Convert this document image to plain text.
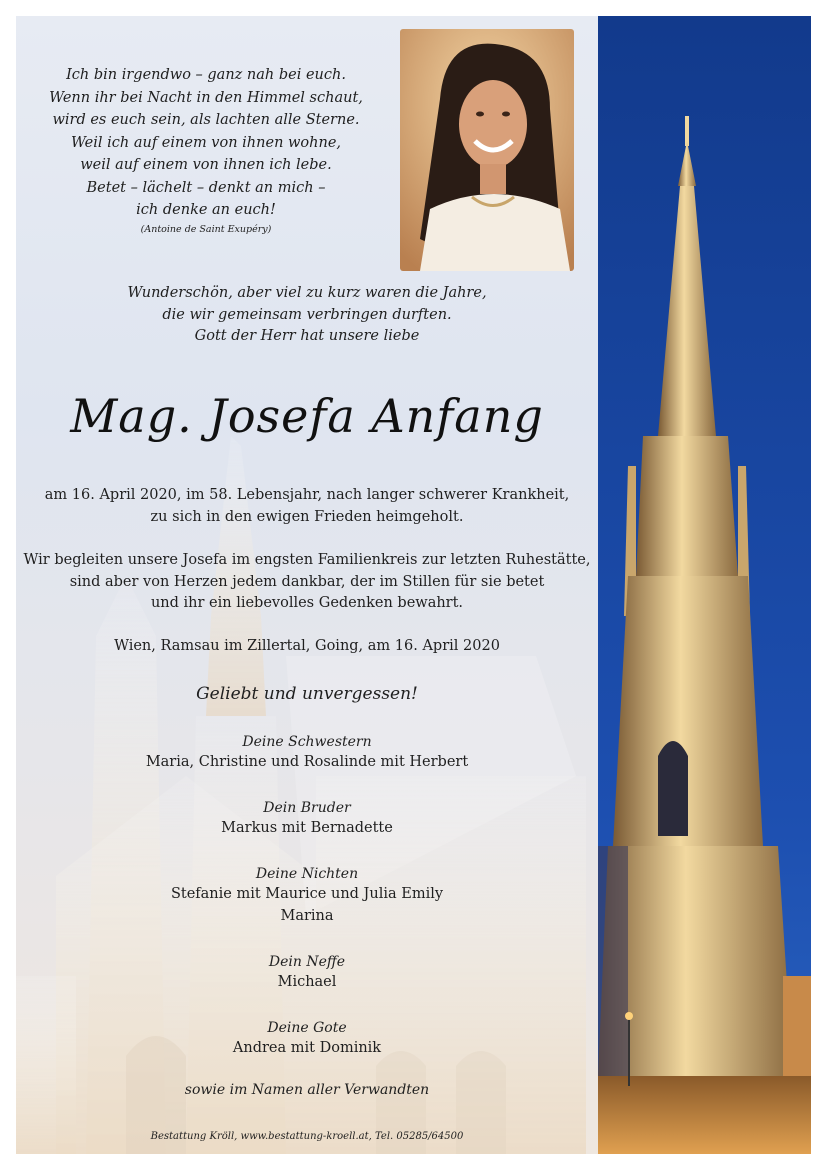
Ich bin irgendwo – ganz nah bei euch.
Wenn ihr bei Nacht in den Himmel schaut,
wird es euch sein, als lachten alle Sterne.
Weil ich auf einem von ihnen wohne,
weil auf einem von ihnen ich lebe.
Betet – lächelt – denkt an mich –
ich denke an euch!
(Antoine de Saint Exupéry)
Wunderschön, aber viel zu kurz waren die Jahre,
die wir gemeinsam verbringen durften.
Gott der Herr hat unsere liebe
Mag. Josefa Anfang
am 16. April 2020, im 58. Lebensjahr, nach langer schwerer Krankheit,
zu sich in den ewigen Frieden heimgeholt.
Wir begleiten unsere Josefa im engsten Familienkreis zur letzten Ruhestätte,
sind aber von Herzen jedem dankbar, der im Stillen für sie betet
und ihr ein liebevolles Gedenken bewahrt.
Wien, Ramsau im Zillertal, Going, am 16. April 2020
Geliebt und unvergessen!
Deine Schwestern
Maria, Christine und Rosalinde mit Herbert
Dein Bruder
Markus mit Bernadette
Deine Nichten
Stefanie mit Maurice und Julia Emily
Marina
Dein Neffe
Michael
Deine Gote
Andrea mit Dominik
sowie im Namen aller Verwandten
Bestattung Kröll, www.bestattung-kroell.at, Tel. 05285/64500
